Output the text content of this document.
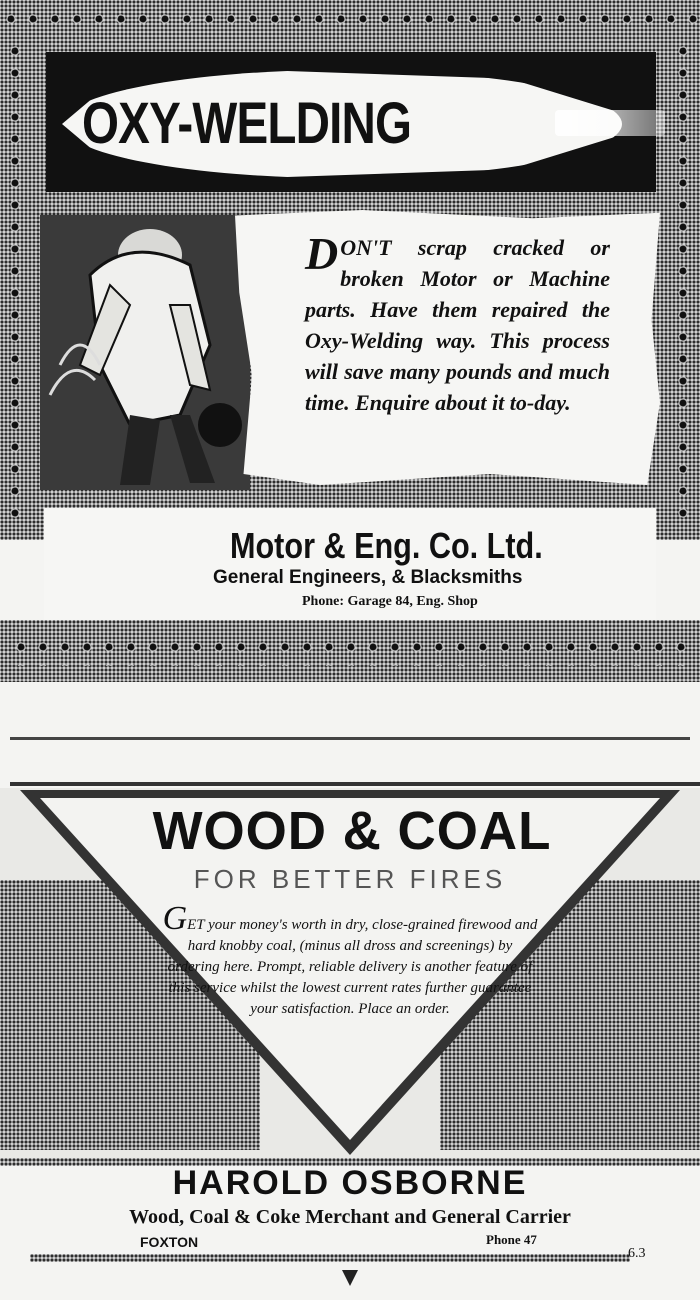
OXY-WELDING
DON'T scrap cracked or broken Motor or Machine parts. Have them repaired the Oxy-Welding way. This process will save many pounds and much time. Enquire about it to-day.
Motor & Eng. Co. Ltd.
General Engineers, & Blacksmiths
Phone: Garage 84, Eng. Shop
WOOD & COAL
FOR BETTER FIRES
GET your money's worth in dry, close-grained firewood and hard knobby coal, (minus all dross and screenings) by ordering here. Prompt, reliable delivery is another feature of this service whilst the lowest current rates further guarantee your satisfaction. Place an order.
HAROLD OSBORNE
Wood, Coal & Coke Merchant and General Carrier
FOXTON	Phone 47
6.3
